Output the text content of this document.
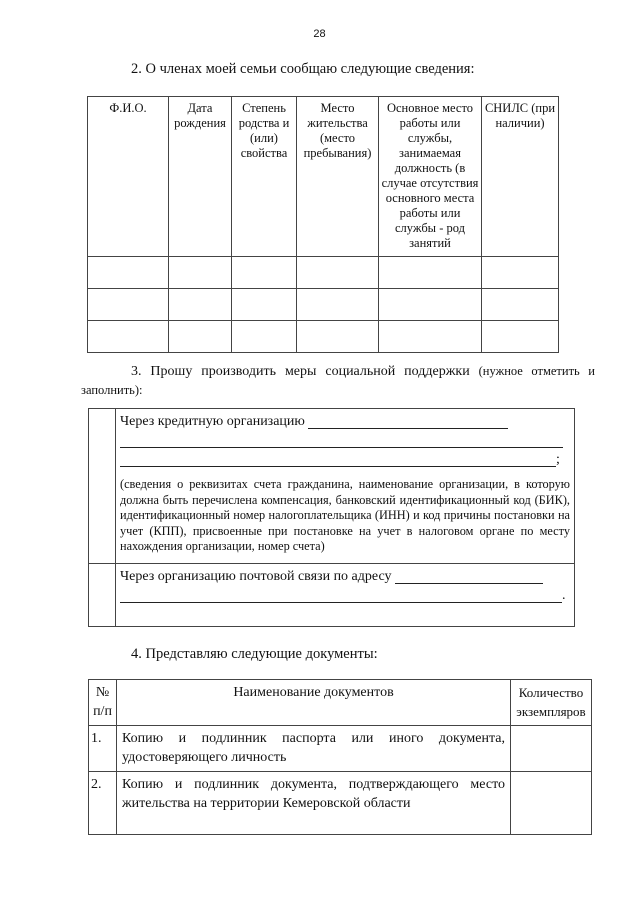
28
2. О членах моей семьи сообщаю следующие сведения:
Ф.И.О.	Дата рождения	Степень родства и (или) свойства	Место жительства (место пребывания)	Основное место работы или службы, занимаемая должность (в случае отсутствия основного места работы или службы - род занятий	СНИЛС (при наличии)

3. Прошу производить меры социальной поддержки (нужное отметить и заполнить):

	Через кредитную организацию
;
(сведения о реквизитах счета гражданина, наименование организации, в которую должна быть перечислена компенсация, банковский идентификационный код (БИК), идентификационный номер налогоплательщика (ИНН) и код причины постановки на учет (КПП), присвоенные при постановке на учет в налоговом органе по месту нахождения организации, номер счета)

	Через организацию почтовой связи по адресу
.
4. Представляю следующие документы:
№ п/п	Наименование документов	Количество экземпляров
1.	Копию и подлинник паспорта или иного документа, удостоверяющего личность	
2.	Копию и подлинник документа, подтверждающего место жительства на территории Кемеровской области	
